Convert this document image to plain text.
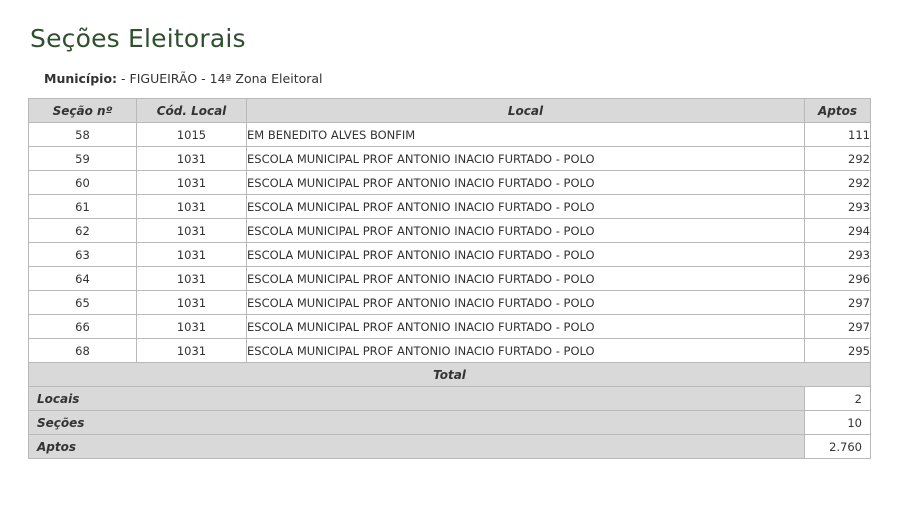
Seções Eleitorais
Município: - FIGUEIRÃO - 14ª Zona Eleitoral
Seção nº	Cód. Local	Local	Aptos
58	1015	EM BENEDITO ALVES BONFIM	111
59	1031	ESCOLA MUNICIPAL PROF ANTONIO INACIO FURTADO - POLO	292
60	1031	ESCOLA MUNICIPAL PROF ANTONIO INACIO FURTADO - POLO	292
61	1031	ESCOLA MUNICIPAL PROF ANTONIO INACIO FURTADO - POLO	293
62	1031	ESCOLA MUNICIPAL PROF ANTONIO INACIO FURTADO - POLO	294
63	1031	ESCOLA MUNICIPAL PROF ANTONIO INACIO FURTADO - POLO	293
64	1031	ESCOLA MUNICIPAL PROF ANTONIO INACIO FURTADO - POLO	296
65	1031	ESCOLA MUNICIPAL PROF ANTONIO INACIO FURTADO - POLO	297
66	1031	ESCOLA MUNICIPAL PROF ANTONIO INACIO FURTADO - POLO	297
68	1031	ESCOLA MUNICIPAL PROF ANTONIO INACIO FURTADO - POLO	295
Total			
Locais			2
Seções			10
Aptos			2.760
